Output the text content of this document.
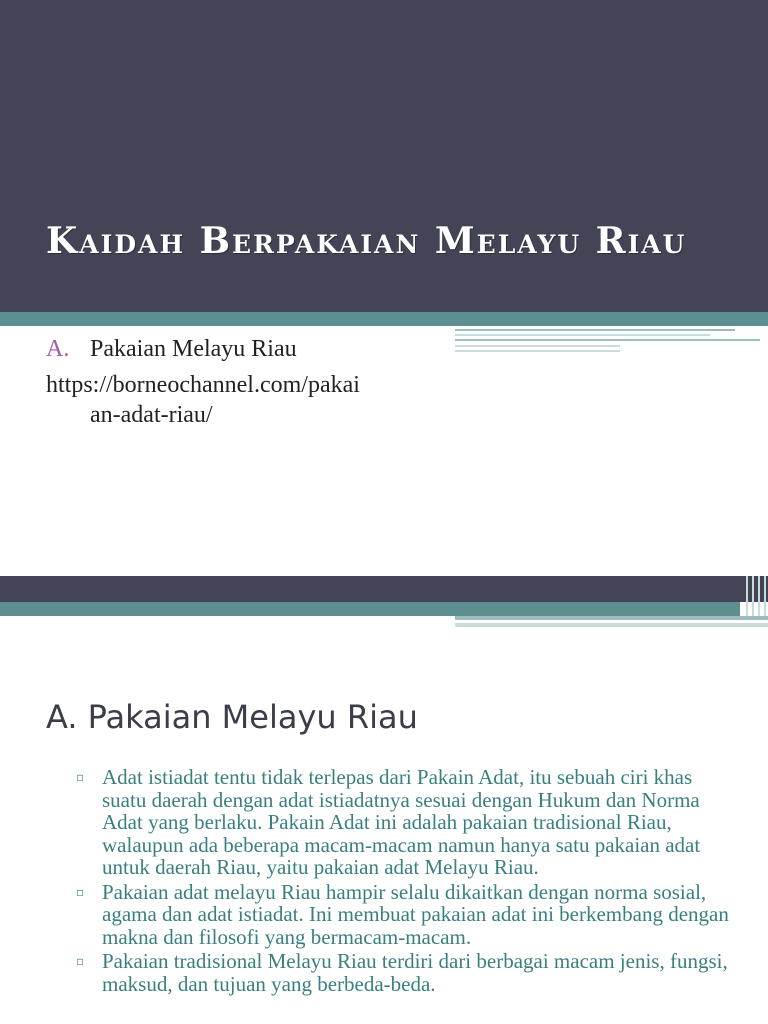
Kaidah Berpakaian Melayu Riau
A. Pakaian Melayu Riau
https://borneochannel.com/pakai
an-adat-riau/
A. Pakaian Melayu Riau
▫ Adat istiadat tentu tidak terlepas dari Pakain Adat, itu sebuah ciri khas suatu daerah dengan adat istiadatnya sesuai dengan Hukum dan Norma Adat yang berlaku. Pakain Adat ini adalah pakaian tradisional Riau, walaupun ada beberapa macam-macam namun hanya satu pakaian adat untuk daerah Riau, yaitu pakaian adat Melayu Riau.
▫ Pakaian adat melayu Riau hampir selalu dikaitkan dengan norma sosial, agama dan adat istiadat. Ini membuat pakaian adat ini berkembang dengan makna dan filosofi yang bermacam-macam.
▫ Pakaian tradisional Melayu Riau terdiri dari berbagai macam jenis, fungsi, maksud, dan tujuan yang berbeda-beda.
